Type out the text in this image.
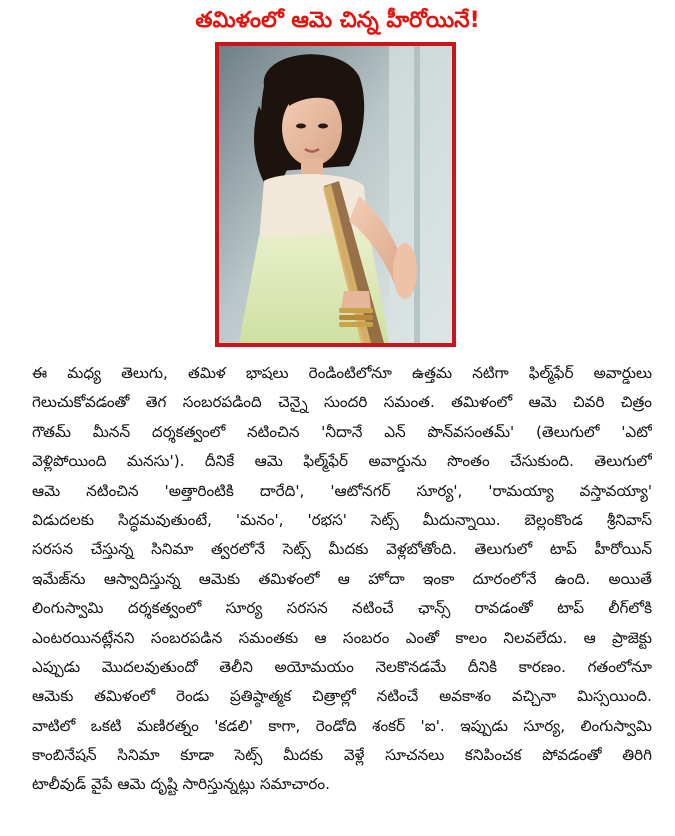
తమిళంలో ఆమె చిన్న హీరోయినే!
ఈ మధ్య తెలుగు, తమిళ భాషలు రెండింటిలోనూ ఉత్తమ నటిగా ఫిల్మ్‌ఫేర్ అవార్డులు
గెలుచుకోవడంతో తెగ సంబరపడింది చెన్నై సుందరి సమంత. తమిళంలో ఆమె చివరి చిత్రం
గౌతమ్ మీనన్ దర్శకత్వంలో నటించిన 'నీదానే ఎన్ పొన్‌వసంతమ్' (తెలుగులో 'ఎటో
వెళ్లిపోయింది మనసు'). దీనికే ఆమె ఫిల్మ్‌ఫేర్ అవార్డును సొంతం చేసుకుంది. తెలుగులో
ఆమె నటించిన 'అత్తారింటికి దారేది', 'ఆటోనగర్ సూర్య', 'రామయ్యా వస్తావయ్యా'
విడుదలకు సిద్ధమవుతుంటే, 'మనం', 'రభస' సెట్స్ మీదున్నాయి. బెల్లంకొండ శ్రీనివాస్
సరసన చేస్తున్న సినిమా త్వరలోనే సెట్స్ మీదకు వెళ్లబోతోంది. తెలుగులో టాప్ హీరోయిన్
ఇమేజ్‌ను ఆస్వాదిస్తున్న ఆమెకు తమిళంలో ఆ హోదా ఇంకా దూరంలోనే ఉంది. అయితే
లింగుస్వామి దర్శకత్వంలో సూర్య సరసన నటించే ఛాన్స్ రావడంతో టాప్ లీగ్‌లోకి
ఎంటరయినట్లేనని సంబరపడిన సమంతకు ఆ సంబరం ఎంతో కాలం నిలవలేదు. ఆ ప్రాజెక్టు
ఎప్పుడు మొదలవుతుందో తెలీని అయోమయం నెలకొనడమే దీనికి కారణం. గతంలోనూ
ఆమెకు తమిళంలో రెండు ప్రతిష్ఠాత్మక చిత్రాల్లో నటించే అవకాశం వచ్చినా మిస్సయింది.
వాటిలో ఒకటి మణిరత్నం 'కడలి' కాగా, రెండోది శంకర్ 'ఐ'. ఇప్పుడు సూర్య, లింగుస్వామి
కాంబినేషన్ సినిమా కూడా సెట్స్ మీదకు వెళ్లే సూచనలు కనిపించక పోవడంతో తిరిగి
టాలీవుడ్ వైపే ఆమె దృష్టి సారిస్తున్నట్లు సమాచారం.
